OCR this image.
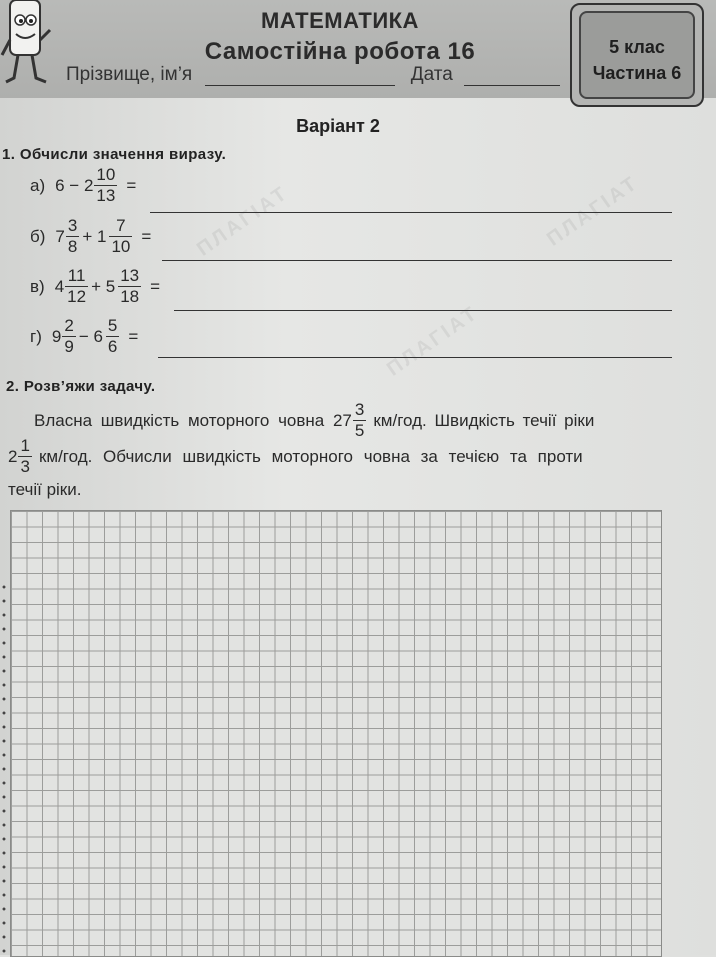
МАТЕМАТИКА
Самостійна робота 16
Прізвище, ім’я	Дата
5 клас
Частина 6
ПЛАГІАТ
ПЛАГІАТ
ПЛАГІАТ
Варіант 2
1. Обчисли значення виразу.
а) $6 - 2 \frac{10}{13}$ =
б) $7 \frac{3}{8} + 1 \frac{7}{10}$ =
в) $4 \frac{11}{12} + 5 \frac{13}{18}$ =
г) $9 \frac{2}{9} - 6 \frac{5}{6}$ =
2. Розв’яжи задачу.
Власна швидкість моторного човна $27 \frac{3}{5} км/год$. Швидкість течії ріки
$2 \frac{1}{3} км/год$. Обчисли швидкість моторного човна за течією та проти
течії ріки.
